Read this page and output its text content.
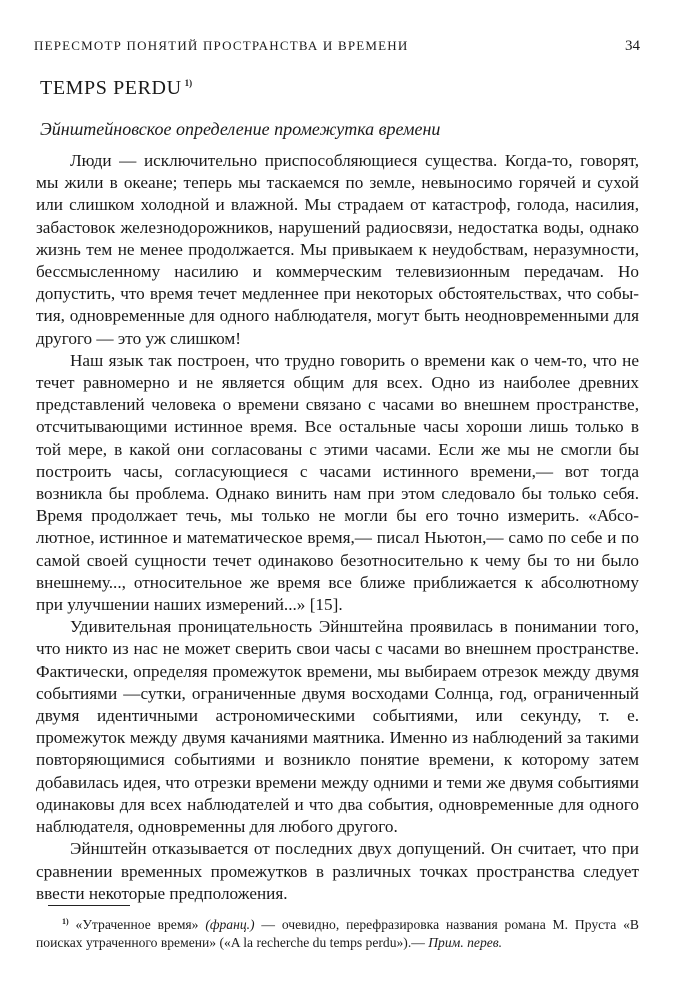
ПЕРЕСМОТР ПОНЯТИЙ ПРОСТРАНСТВА И ВРЕМЕНИ	34
TEMPS PERDU $^{1)}$
Эйнштейновское определение промежутка времени

Люди — исключительно приспособляющиеся существа. Когда-то, говорят, мы жили в океане; теперь мы таскаемся по земле, невыносимо горячей и сухой или слишком холодной и влажной. Мы страдаем от катастроф, голода, насилия, забастовок железнодорожников, нарушений радиосвязи, недостатка воды, однако жизнь тем не менее продолжается. Мы привыкаем к неудобствам, неразумности, бессмысленному насилию и коммерческим телевизионным передачам. Но допустить, что время течет медленнее при некоторых обстоятельствах, что события, одновременные для одного наблюдателя, могут быть неодновременными для другого — это уж слишком!

Наш язык так построен, что трудно говорить о времени как о чем-то, что не течет равномерно и не является общим для всех. Одно из наиболее древних представлений человека о времени связано с часами во внешнем пространстве, отсчитывающими истинное время. Все остальные часы хороши лишь только в той мере, в какой они согласованы с этими часами. Если же мы не смогли бы построить часы, согласующиеся с часами истинного времени,— вот тогда возникла бы проблема. Однако винить нам при этом следовало бы только себя. Время продолжает течь, мы только не могли бы его точно измерить. «Абсолютное, истинное и математическое время,— писал Ньютон,— само по себе и по самой своей сущности течет одинаково безотносительно к чему бы то ни было внешнему..., относительное же время все ближе приближается к абсолютному при улучшении наших измерений...» [15].

Удивительная проницательность Эйнштейна проявилась в понимании того, что никто из нас не может сверить свои часы с часами во внешнем пространстве. Фактически, определяя промежуток времени, мы выбираем отрезок между двумя событиями —сутки, ограниченные двумя восходами Солнца, год, ограниченный двумя идентичными астрономическими событиями, или секунду, т. е. промежуток между двумя качаниями маятника. Именно из наблюдений за такими повторяющимися событиями и возникло понятие времени, к которому затем добавилась идея, что отрезки времени между одними и теми же двумя событиями одинаковы для всех наблюдателей и что два события, одновременные для одного наблюдателя, одновременны для любого другого.

Эйнштейн отказывается от последних двух допущений. Он считает, что при сравнении временных промежутков в различных точках пространства следует ввести некоторые предположения.

$^{1)}$ «Утраченное время» (франц.) — очевидно, перефразировка названия романа М. Пруста «В поисках утраченного времени» («A la recherche du temps perdu»).— Прим. перев.
